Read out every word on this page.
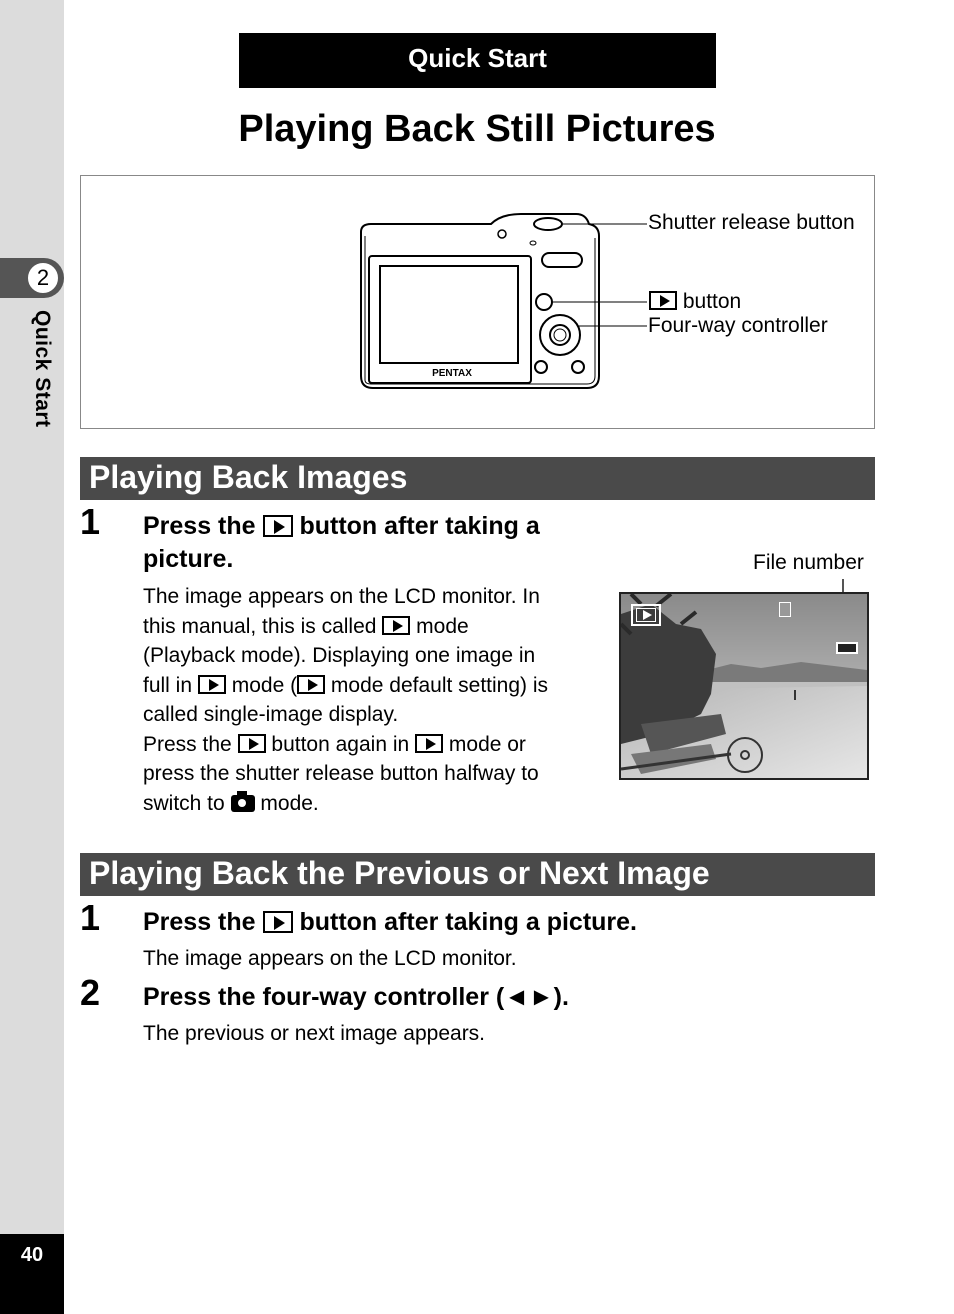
2
Quick Start
40
Quick Start
Playing Back Still Pictures
PENTAX
Shutter release button
button
Four-way controller
Playing Back Images
1 Press the button after taking a
picture.
The image appears on the LCD monitor. In
this manual, this is called mode
(Playback mode). Displaying one image in
full in mode ( mode default setting) is
called single-image display.
Press the button again in mode or
press the shutter release button halfway to
switch to mode.
File number
Playing Back the Previous or Next Image
1 Press the button after taking a picture.
The image appears on the LCD monitor.
2 Press the four-way controller (◄►).
The previous or next image appears.
